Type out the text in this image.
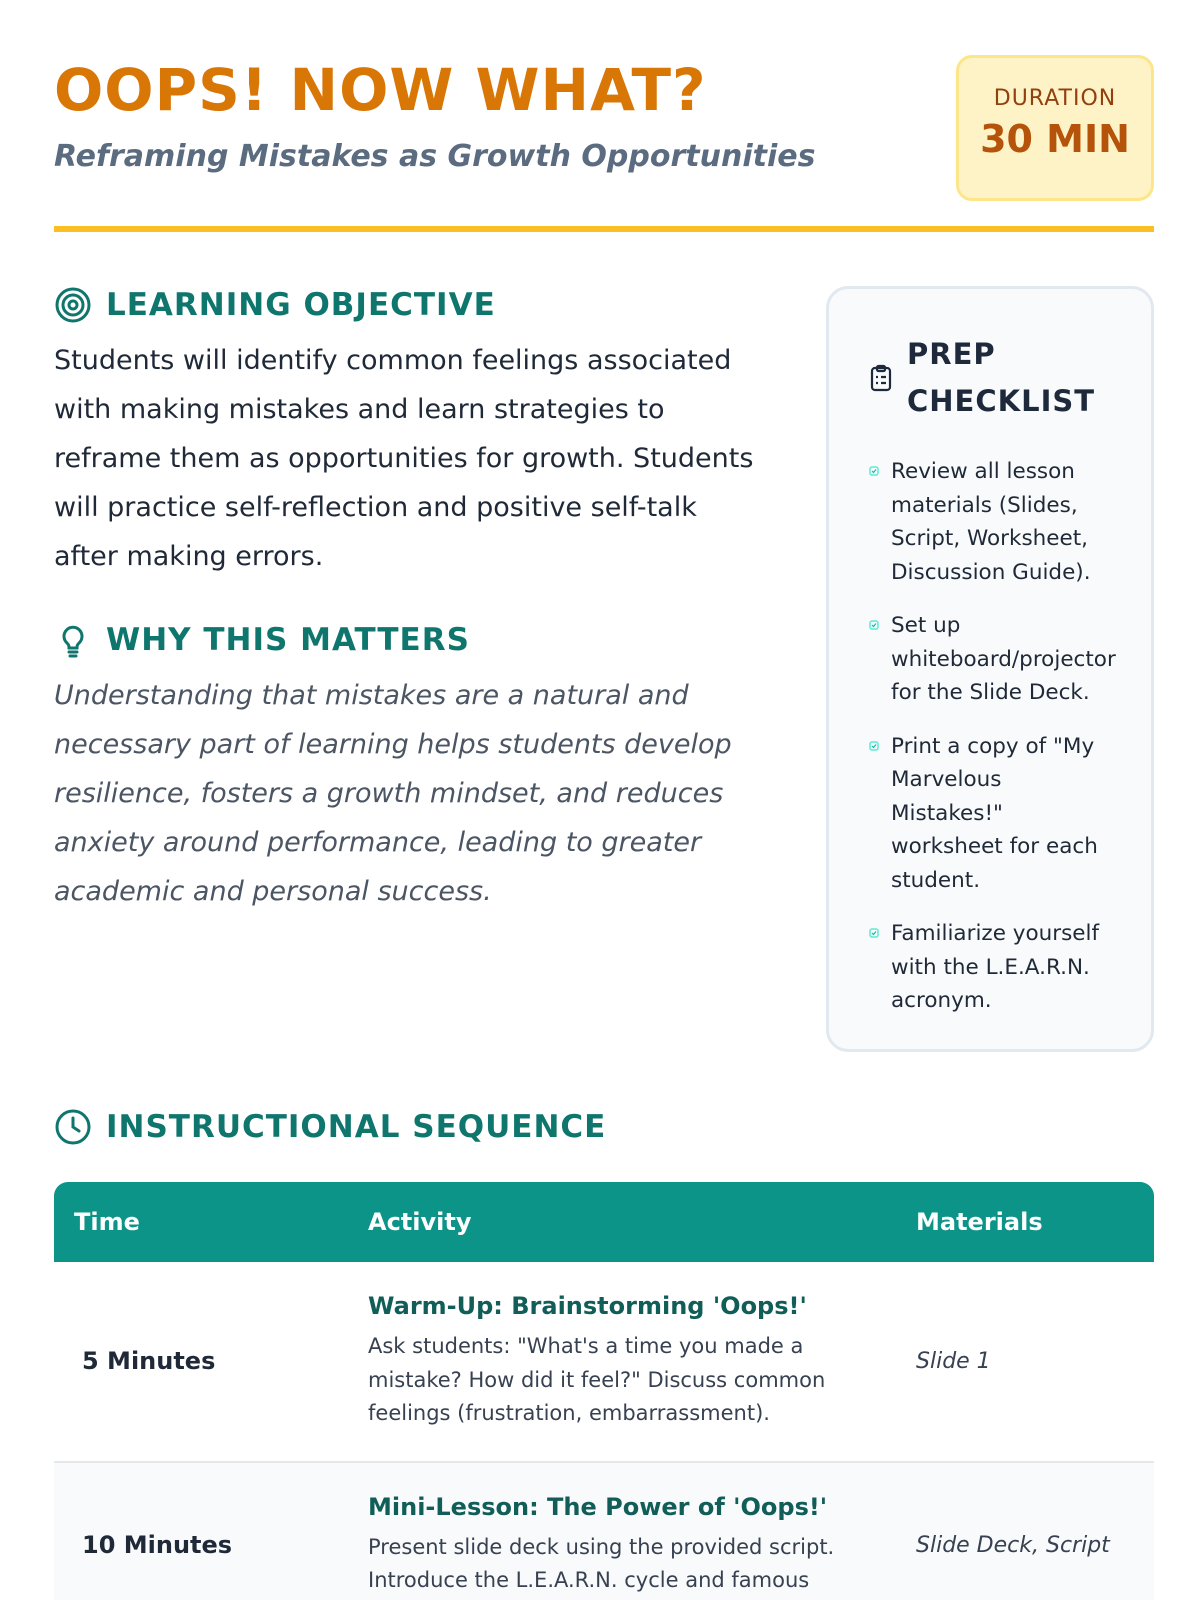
OOPS! NOW WHAT?
Reframing Mistakes as Growth Opportunities
DURATION
30 MIN
LEARNING OBJECTIVE

Students will identify common feelings associated with making mistakes and learn strategies to reframe them as opportunities for growth. Students will practice self-reflection and positive self-talk after making errors.

WHY THIS MATTERS

Understanding that mistakes are a natural and necessary part of learning helps students develop resilience, fosters a growth mindset, and reduces anxiety around performance, leading to greater academic and personal success.

PREP CHECKLIST
Review all lesson materials (Slides, Script, Worksheet, Discussion Guide).
Set up whiteboard/projector for the Slide Deck.
Print a copy of "My Marvelous Mistakes!" worksheet for each student.
Familiarize yourself with the L.E.A.R.N. acronym.
INSTRUCTIONAL SEQUENCE
Time	Activity	Materials
5 Minutes	Warm-Up: Brainstorming 'Oops!'
Ask students: "What's a time you made a mistake? How did it feel?" Discuss common feelings (frustration, embarrassment).	Slide 1
10 Minutes	Mini-Lesson: The Power of 'Oops!'
Present slide deck using the provided script. Introduce the L.E.A.R.N. cycle and famous	Slide Deck, Script
